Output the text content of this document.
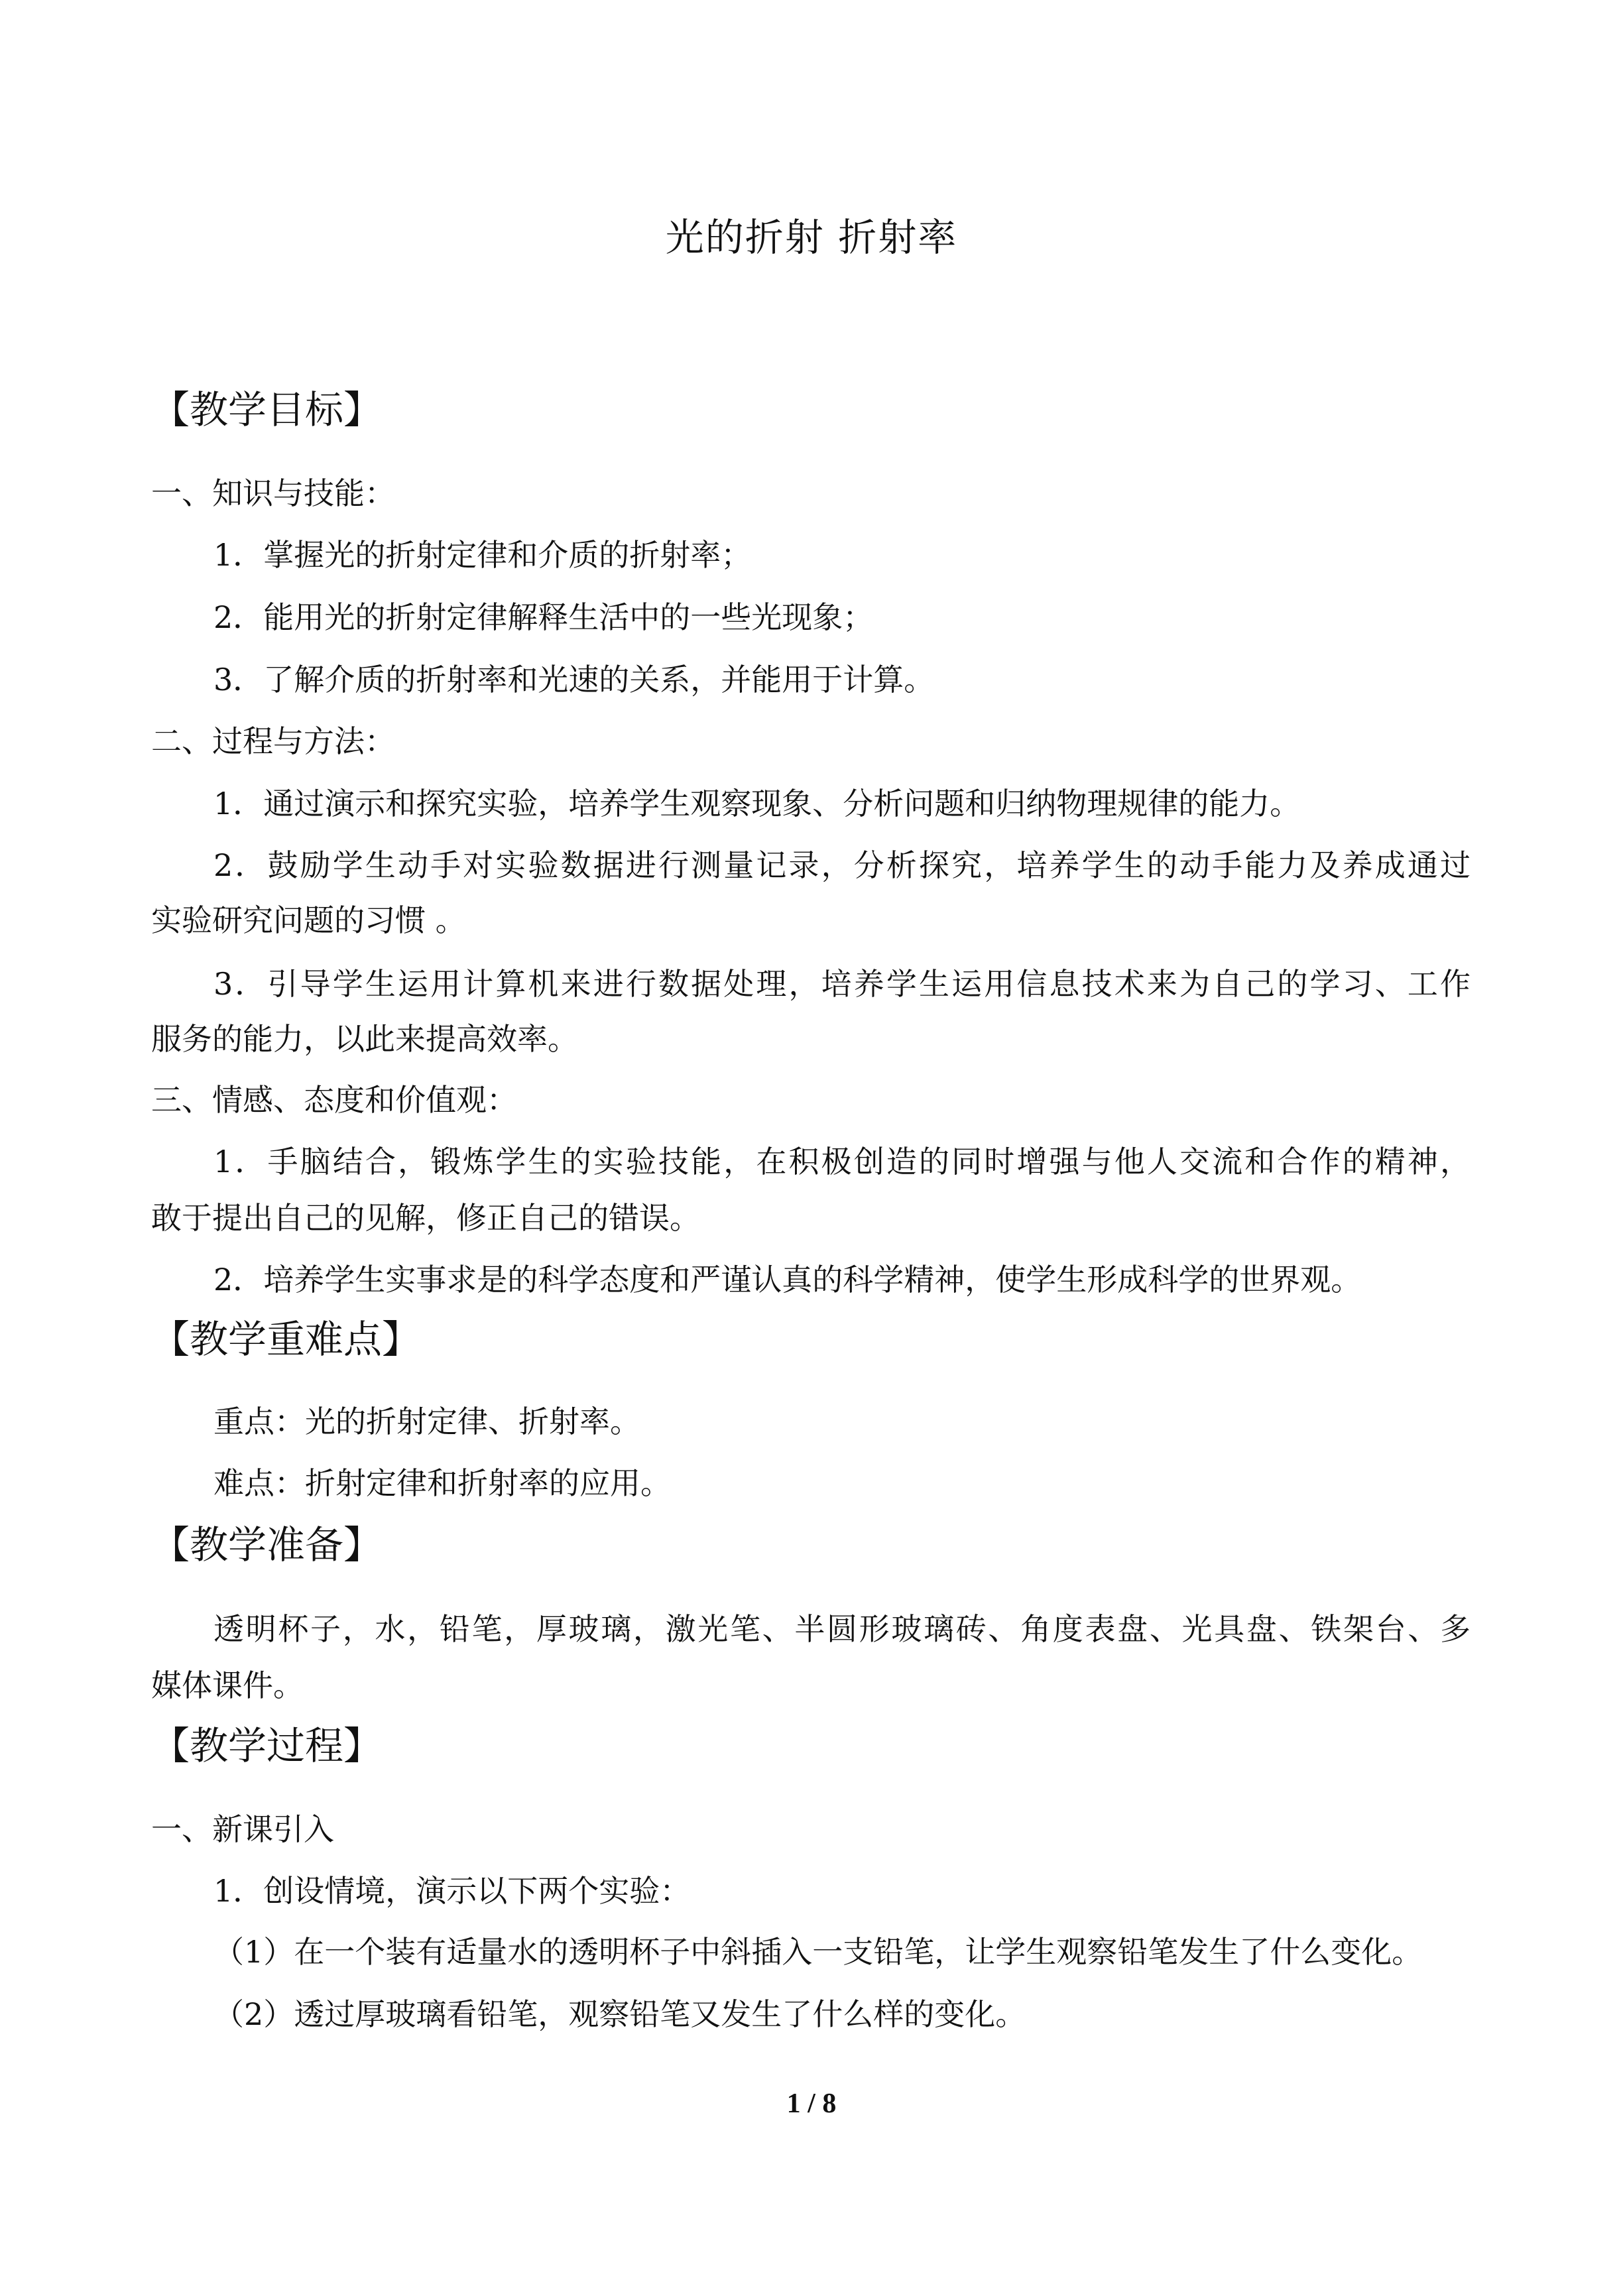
光的折射 折射率
【教学目标】
一、知识与技能：
1．掌握光的折射定律和介质的折射率；
2．能用光的折射定律解释生活中的一些光现象；
3．了解介质的折射率和光速的关系，并能用于计算。
二、过程与方法：
1．通过演示和探究实验，培养学生观察现象、分析问题和归纳物理规律的能力。
2．鼓励学生动手对实验数据进行测量记录，分析探究，培养学生的动手能力及养成通过
实验研究问题的习惯 。
3．引导学生运用计算机来进行数据处理，培养学生运用信息技术来为自己的学习、工作
服务的能力，以此来提高效率。
三、情感、态度和价值观：
1．手脑结合，锻炼学生的实验技能，在积极创造的同时增强与他人交流和合作的精神，
敢于提出自己的见解，修正自己的错误。
2．培养学生实事求是的科学态度和严谨认真的科学精神，使学生形成科学的世界观。
【教学重难点】
重点：光的折射定律、折射率。
难点：折射定律和折射率的应用。
【教学准备】
透明杯子，水，铅笔，厚玻璃，激光笔、半圆形玻璃砖、角度表盘、光具盘、铁架台、多
媒体课件。
【教学过程】
一、新课引入
1．创设情境，演示以下两个实验：
（1）在一个装有适量水的透明杯子中斜插入一支铅笔，让学生观察铅笔发生了什么变化。
（2）透过厚玻璃看铅笔，观察铅笔又发生了什么样的变化。
1 / 8
